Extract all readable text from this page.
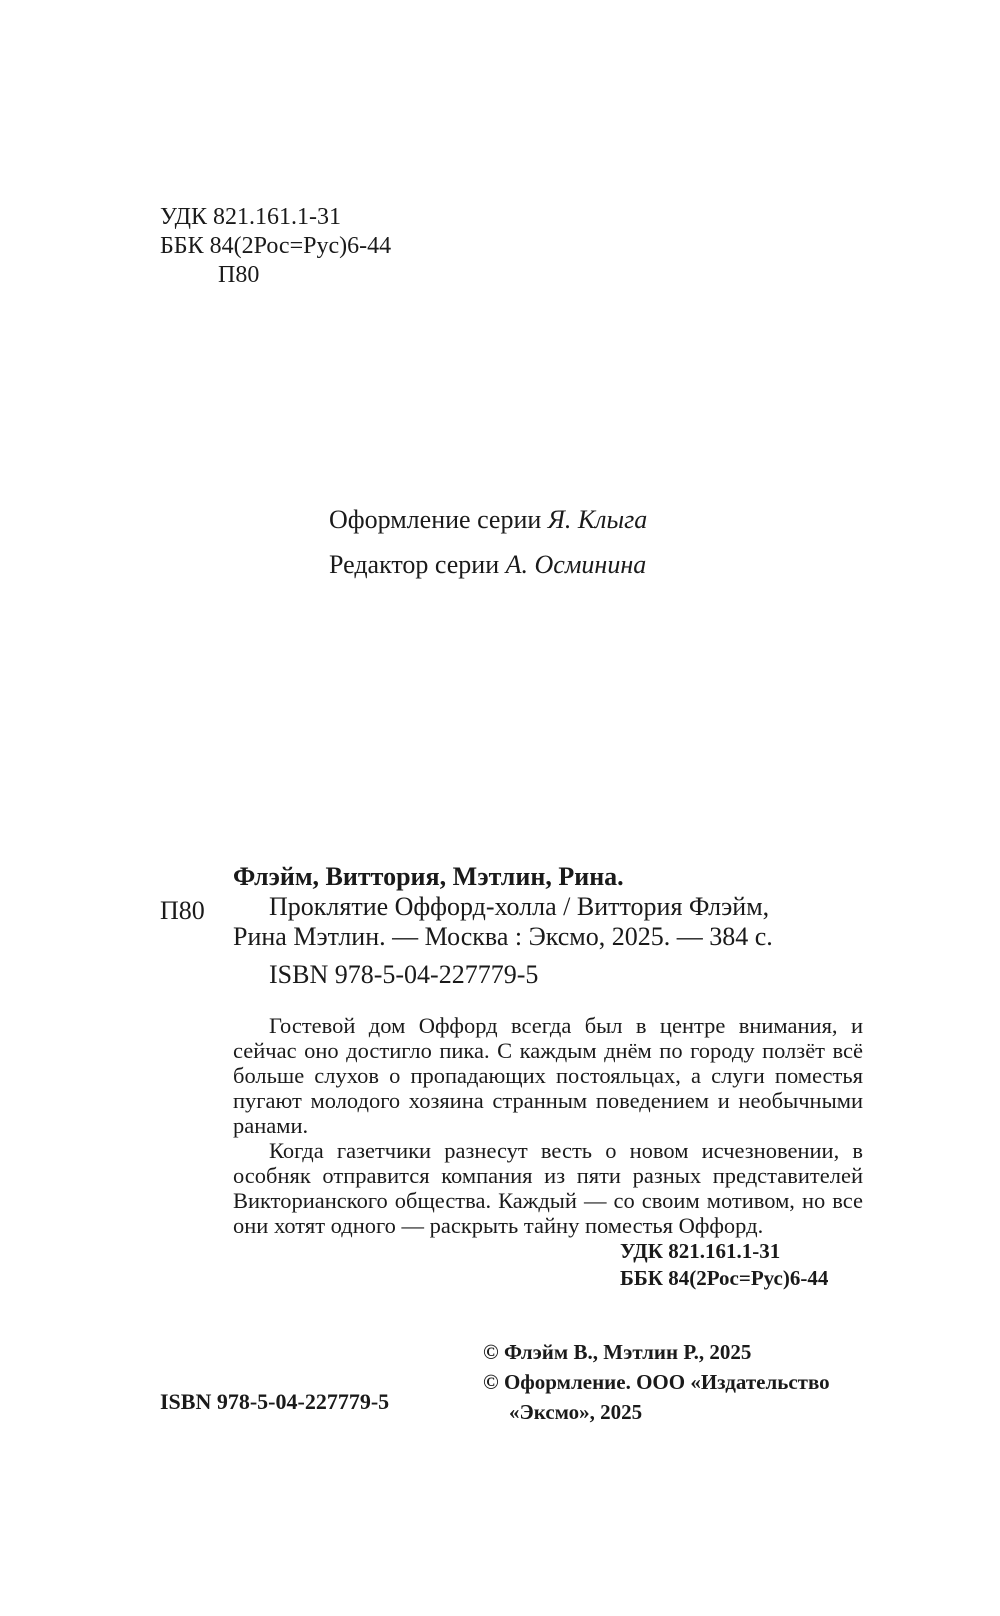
УДК 821.161.1-31
ББК 84(2Рос=Рус)6-44
П80
Оформление серии Я. Клыга
Редактор серии А. Осминина
П80
Флэйм, Виттория, Мэтлин, Рина.
Проклятие Оффорд-холла / Виттория Флэйм,
Рина Мэтлин. — Москва : Эксмо, 2025. — 384 с.
ISBN 978-5-04-227779-5

Гостевой дом Оффорд всегда был в центре внимания, и сейчас оно достигло пика. С каждым днём по городу ползёт всё больше слухов о пропадающих постояльцах, а слуги поместья пугают молодого хозяина странным поведением и необычными ранами.

Когда газетчики разнесут весть о новом исчезновении, в особняк отправится компания из пяти разных представителей Викторианского общества. Каждый — со своим мотивом, но все они хотят одного — раскрыть тайну поместья Оффорд.

УДК 821.161.1-31
ББК 84(2Рос=Рус)6-44
© Флэйм В., Мэтлин Р., 2025
© Оформление. ООО «Издательство
«Эксмо», 2025
ISBN 978-5-04-227779-5
